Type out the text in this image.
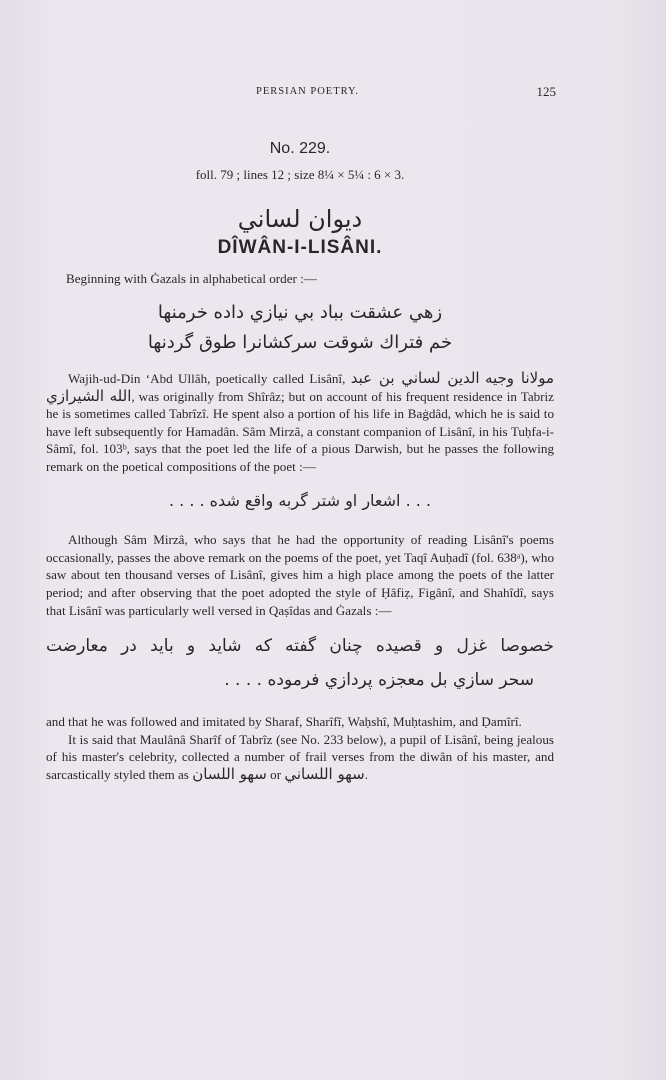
PERSIAN POETRY.	125
No. 229.
foll. 79 ; lines 12 ; size 8¼ × 5¼ : 6 × 3.
ديوان لساني
DÎWÂN-I-LISÂNI.
Beginning with Ġazals in alphabetical order :—
زهي عشقت بباد بي نيازي داده خرمنها
خم فتراك شوقت سركشانرا طوق گردنها

Wajih-ud-Din ‘Abd Ullâh, poetically called Lisânî,	مولانا وجيه الدين لساني بن عبد الله الشيرازي, was originally from Shîrâz; but on account of his frequent residence in Tabriz he is sometimes called Tabrîzî. He spent also a portion of his life in Baġdâd, which he is said to have left subsequently for Hamadân. Sâm Mirzâ, a constant companion of Lisânî, in his Tuḥfa-i-Sâmî, fol. 103ᵇ, says that the poet led the life of a pious Darwish, but he passes the following remark on the poetical compositions of the poet :—

. . . اشعار او شتر گربه واقع شده . . . .

Although Sâm Mirzâ, who says that he had the opportunity of reading Lisânî's poems occasionally, passes the above remark on the poems of the poet, yet Taqî Auḥadî (fol. 638ᵃ), who saw about ten thousand verses of Lisânî, gives him a high place among the poets of the latter period; and after observing that the poet adopted the style of Ḥâfiẓ, Figânî, and Shahîdî, says that Lisânî was particularly well versed in Qaṣîdas and Ġazals :—

خصوصا غزل و قصيده چنان گفته که شايد و بايد در معارضت
سحر سازي بل معجزه پردازي فرموده . . . .

and that he was followed and imitated by Sharaf, Sharîfî, Waḥshî, Muḥtashim, and Ḍamîrî.

It is said that Maulânâ Sharîf of Tabrîz (see No. 233 below), a pupil of Lisânî, being jealous of his master's celebrity, collected a number of frail verses from the diwân of his master, and sarcastically styled them as سهو اللسان or سهو اللساني.
